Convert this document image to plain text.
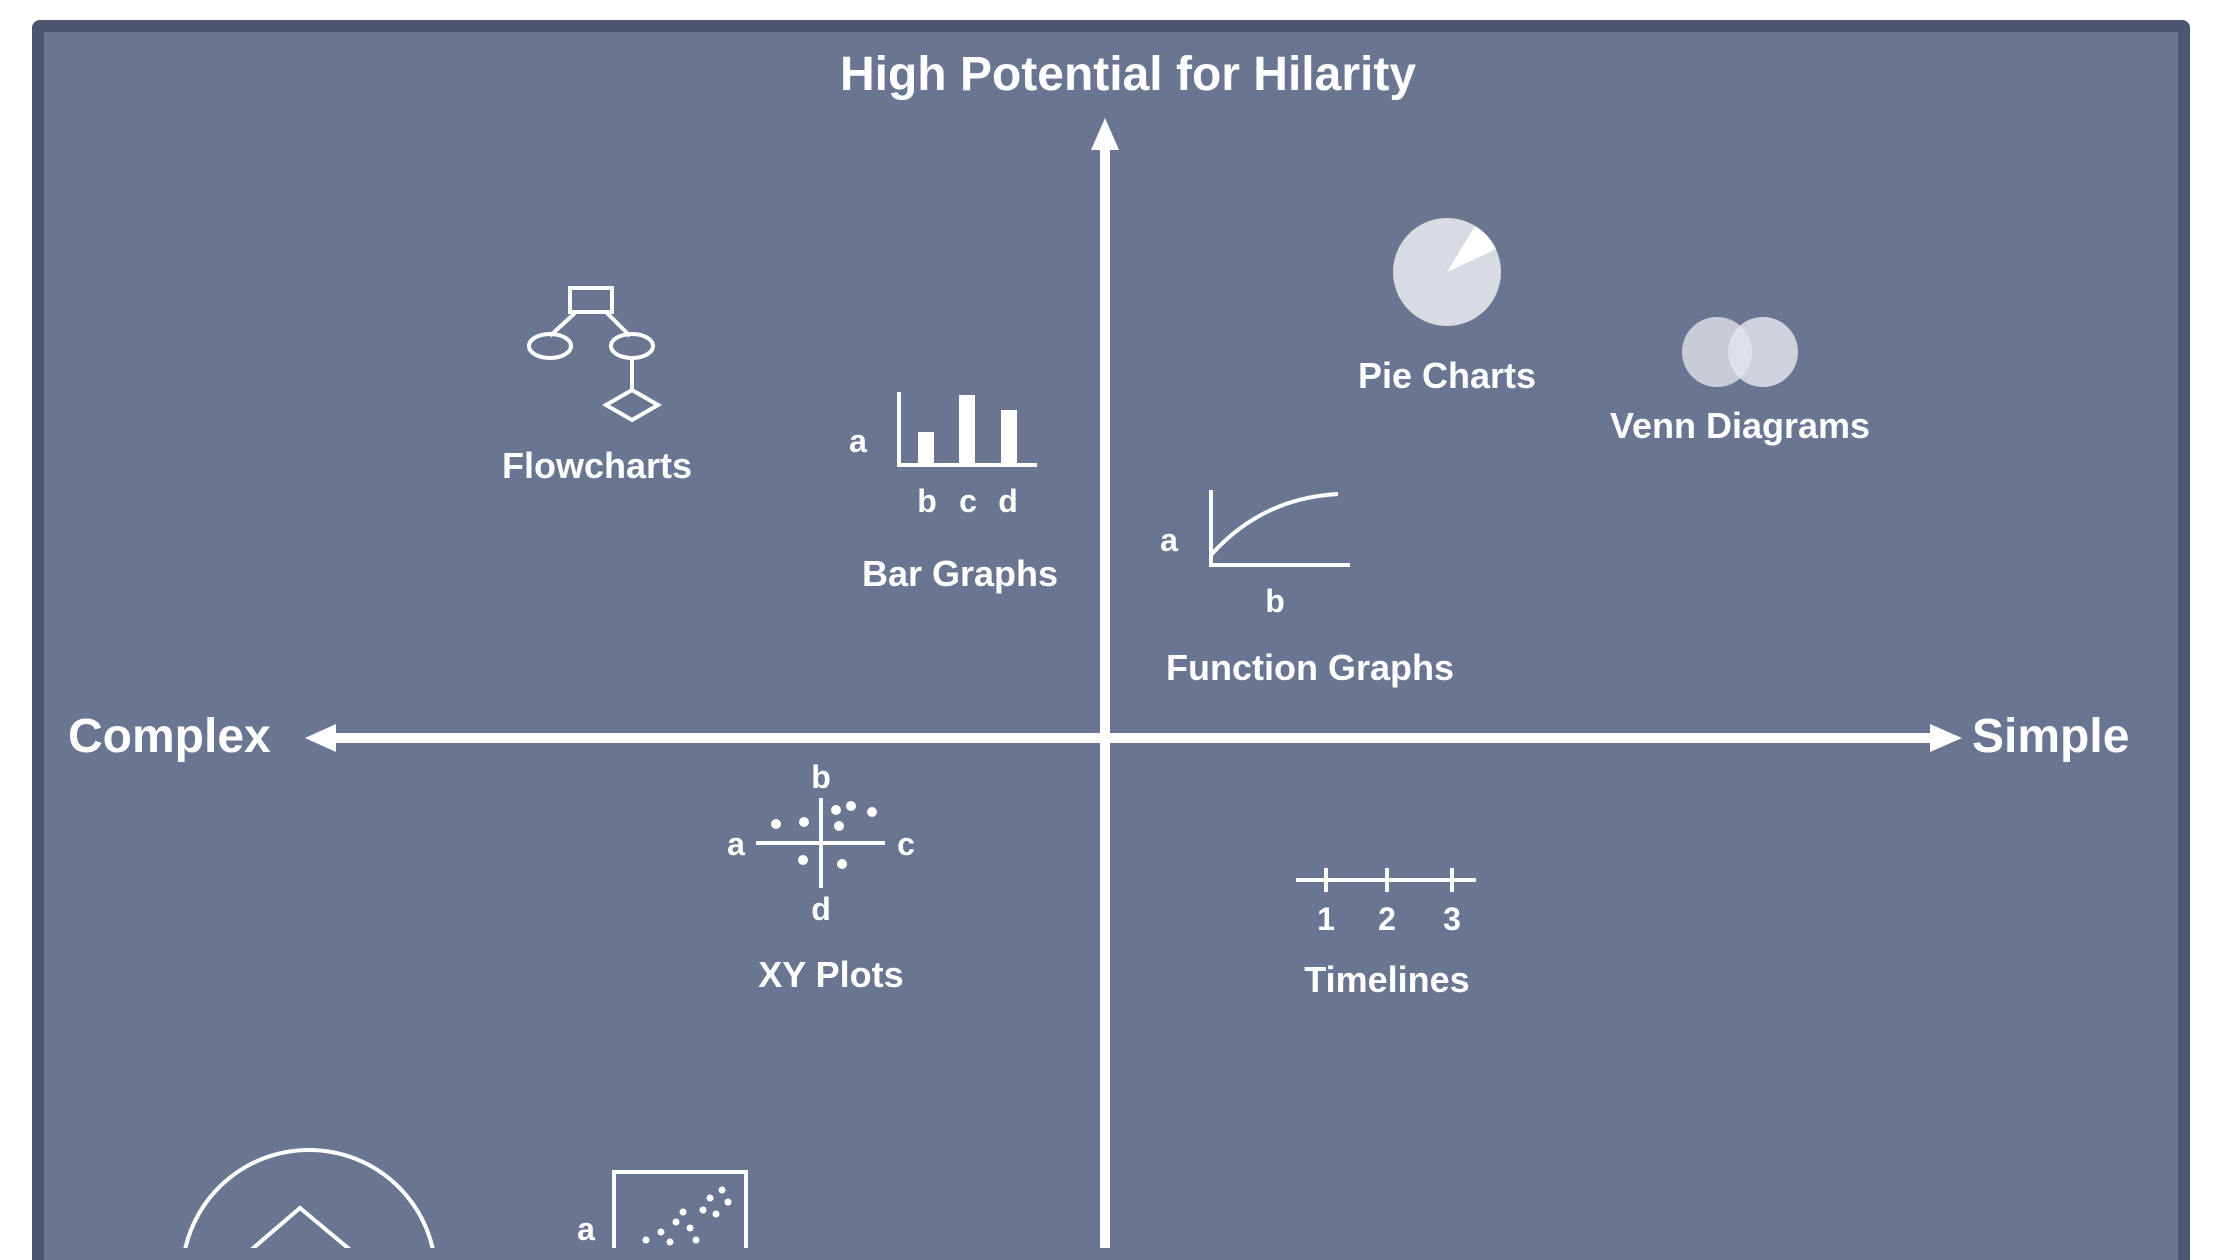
High Potential for Hilarity
Complex	Simple
Flowcharts
a
b c d
Bar Graphs
Pie Charts
Venn Diagrams
a
b
Function Graphs
b
a	c
d
XY Plots
1 2 3
Timelines
a
